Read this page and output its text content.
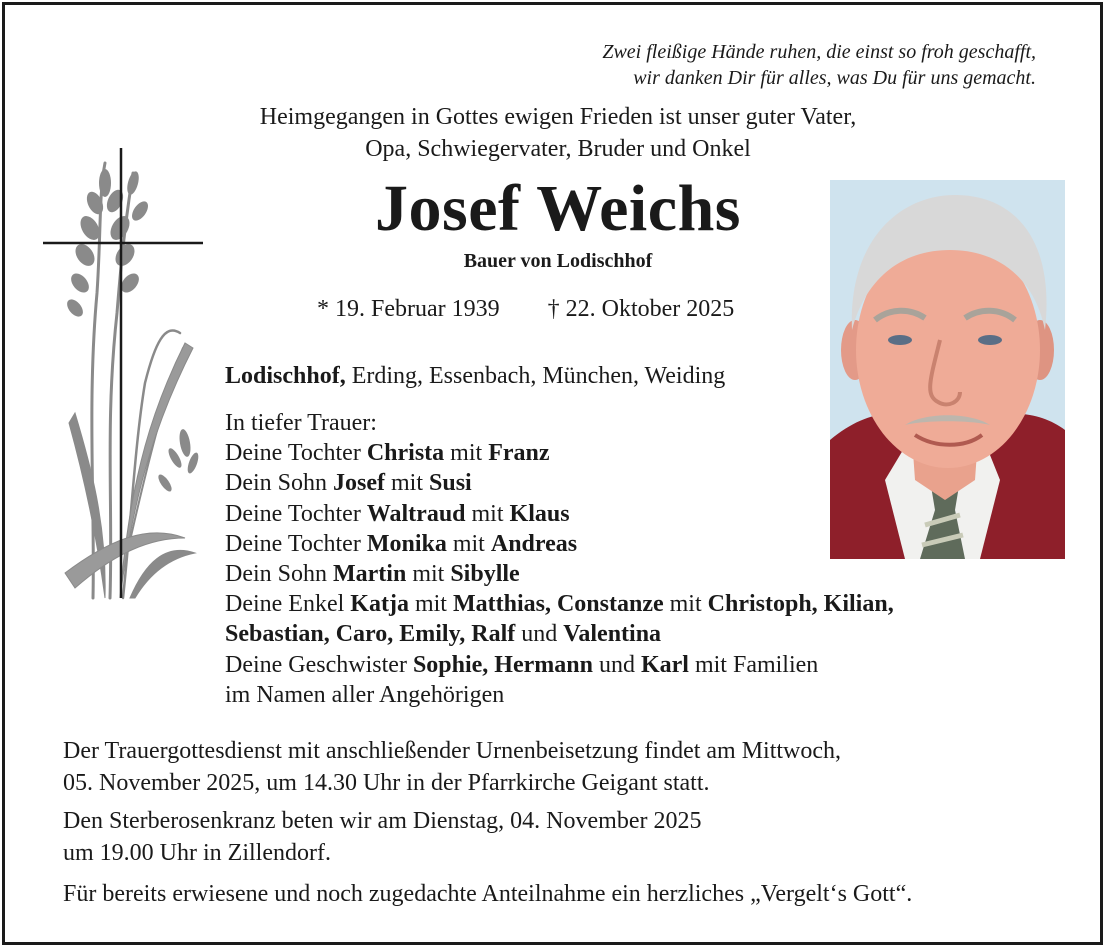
Zwei fleißige Hände ruhen, die einst so froh geschafft,
wir danken Dir für alles, was Du für uns gemacht.
Heimgegangen in Gottes ewigen Frieden ist unser guter Vater,
Opa, Schwiegervater, Bruder und Onkel
Josef Weichs
Bauer von Lodischhof
* 19. Februar 1939 † 22. Oktober 2025
Lodischhof, Erding, Essenbach, München, Weiding
In tiefer Trauer:
Deine Tochter Christa mit Franz
Dein Sohn Josef mit Susi
Deine Tochter Waltraud mit Klaus
Deine Tochter Monika mit Andreas
Dein Sohn Martin mit Sibylle
Deine Enkel Katja mit Matthias, Constanze mit Christoph, Kilian,
Sebastian, Caro, Emily, Ralf und Valentina
Deine Geschwister Sophie, Hermann und Karl mit Familien
im Namen aller Angehörigen
Der Trauergottesdienst mit anschließender Urnenbeisetzung findet am Mittwoch,
05. November 2025, um 14.30 Uhr in der Pfarrkirche Geigant statt.
Den Sterberosenkranz beten wir am Dienstag, 04. November 2025
um 19.00 Uhr in Zillendorf.
Für bereits erwiesene und noch zugedachte Anteilnahme ein herzliches „Vergelt‘s Gott“.
